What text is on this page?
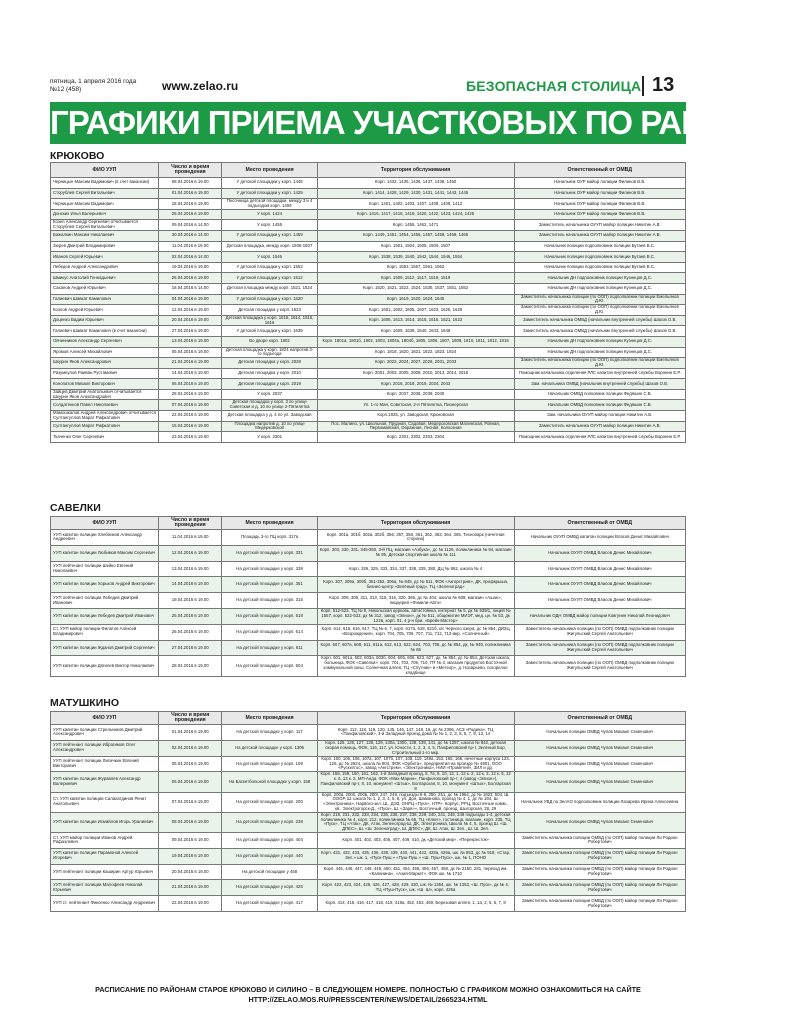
пятница, 1 апреля 2016 года
№12 (458)	www.zelao.ru	БЕЗОПАСНАЯ СТОЛИЦА 13
ГРАФИКИ ПРИЕМА УЧАСТКОВЫХ ПО РАЙОНАМ
КРЮКОВО
ФИО УУП	Число и время проведения	Место проведения	Территория обслуживания	Ответственный от ОМВД
Черницын Максим Вадимович (в счет вакансии)	08.04.2016 в 19.00	У детской площадки у корп. 1448	Корп. 1432, 1435, 1436, 1437, 1438, 1450	Начальник ОУР майор полиции Филинов В.В.
Сторублев Сергей Витальевич	01.04.2016 в 19.00	У детской площадки у корп. 1429	Корп. 1414, 1428, 1429, 1430, 1431, 1441, 1443, 1445	Начальник ОУР майор полиции Филинов В.В.
Черницын Максим Вадимович	18.04.2016 в 19.00	Песочница детской площадки, между 3 и 4 подъездом корп. 1409	Корп. 1401, 1402, 1403, 1407, 1408, 1409, 1412	Начальник ОУР майор полиции Филинов В.В.
Донских Илья Валерьевич	25.04.2016 в 19.00	У корп. 1424	Корп. 1416, 1417, 1418, 1419, 1420, 1422, 1423, 1424, 1425	Начальник ОУР майор полиции Филинов В.В.
Козел Александр Сергеевич отчитывается Сторублев Сергей Витальевич	09.04.2016 в 14.00	У корп. 1455	Корп. 1455, 1462, 1471	Заместитель начальника ОУУП майор полиции Никитин А.В.
Бажалкин Максим Николаевич	30.04.2016 в 14.00	У детской площадки у корп. 1459	Корп. 1449, 1451, 1454, 1456, 1457, 1458, 1459, 1466	Заместитель начальника ОУУП майор полиции Никитин А.В.
Зюрев Дмитрий Владимирович	11.04.2016 в 19.00	Детская площадка, между корп. 1506-1507	Корп. 1501, 1504, 1505, 1506, 1507	Начальник полиции подполковник полиции Бутаев В.С.
Иванов Сергей Юрьевич	02.04.2016 в 14.00	У корп. 1546	Корп. 1538, 1539, 1540, 1542, 1544, 1546, 1554	Начальник полиции подполковник полиции Бутаев В.С.
Лебедев Андрей Александрович	19.04.2016 в 19.00	У детской площадки у корп. 1553	Корп. 1553, 1557, 1561, 1562	Начальник полиции подполковник полиции Бутаев В.С.
Шмикус Анатолий Геннадьевич	26.04.2016 в 19.00	У детской площадки у корп. 1512	Корп. 1509, 1512, 1517, 1518, 1519	Начальник ДН подполковник полиции Кузнецов Д.С.
Саханов Андрей Юрьевич	16.04.2016 в 14.00	Детская площадка между корп. 1521, 1524	Корп. 1520, 1521, 1522, 1524, 1535, 1537, 1551, 1552	Начальник ДН подполковник полиции Кузнецов Д.С.
Галиевич Шавкат Камилович	04.04.2016 в 19.00	У детской площадки у корп. 1620	Корп. 1619, 1620, 1624, 1645	Заместитель начальника полиции (по ООП) подполковник полиции Емельянов Д.Ю.
Козлов Андрей Юрьевич	12.04.2016 в 19.00	Детская площадка у корп. 1623	Корп. 1601, 1602, 1605, 1607, 1623, 1625, 1626	Заместитель начальника полиции (по ООП) подполковник полиции Емельянов Д.Ю.
Доценко Вадим Юрьевич	20.04.2016 в 19.00	Детская площадка у корп. 1615, 1614, 1615, 1616	Корп. 1606, 1613, 1614, 1615, 1616, 1621, 1622	Заместитель начальника ОМВД (начальник внутренней службы) Шахов О.В.
Галиевич Шавкат Камилович (в счет вакансии)	27.04.2016 в 19.00	У детской площадки у корп. 1639	Корп. 1605, 1639, 1640, 1643, 1649	Заместитель начальника ОМВД (начальник внутренней службы) Шахов О.В.
Овчинников Александр Сергеевич	13.04.2016 в 19.00	Во дворе корп. 1802	Корп. 1801а, 1801б, 1802, 1803, 1804а, 1804б, 1805, 1806, 1807, 1809, 1810, 1811, 1812, 1815	Начальник ДН подполковник полиции Кузнецов Д.С.
Яромов Алексей Михайлович	05.04.2016 в 19.00	Детская площадка у корп. 1824 напротив 3-го подъезда	Корп. 1818, 1820, 1821, 1822, 1823, 1824	Начальник ДН подполковник полиции Кузнецов Д.С.
Шкурин Яков Александрович	21.04.2016 в 19.00	Детская площадка у корп. 2028	Корп. 2022, 2024, 2027, 2028, 2031, 2033	Заместитель начальника полиции (по ООП) подполковник полиции Емельянов Д.Ю.
Разумеулов Раиван Рустамович	14.04.2016 в 19.00	Детская площадка у корп. 2010	Корп. 2001, 2003, 2005, 2008, 2010, 2013, 2014, 2015	Помощник начальника отделения РЛС капитан внутренней службы Воронин Е.Р.
Конопатов Михаил Викторович	06.04.2016 в 19.00	Детская площадка у корп. 2019	Корп. 2016, 2018, 2019, 2034, 2043	Зам. начальника ОМВД (начальник внутренней службы) Шахов О.В.
Зайцев Дмитрий Анатольевич отчитывается Шкурин Яков Александрович	28.04.2016 в 19.00	У корп. 2037	Корп. 2037, 2038, 2039, 2040	Начальник ОМВД полковник полиции Федяшин С.В.
Солдатенков Павел Николаевич	07.04.2016 в 19.00	Детская площадка у корп. 3 по улице Советская и д. 10 по улице 2-Пятилетка	Ул. 1-го Мая, Советская, 2-я Пятилетка, Пионерская	Начальник ОМВД полковник полиции Федяшин С.В.
Мамошкалов Андрей Александрович отчитывается Султангуллов Марат Рифкатович	22.04.2016 в 19.00	Детская площадка у д. 4 по ул. Заводская	Корп.1925, ул. Заводская, Крюковская	Зам. начальника ОУУП майор полиции Никитин А.В.
Султангуллов Марат Рифкатович	15.04.2016 в 19.00	Площадка напротив д. 10 по улице Медерковской	Пос. Малино, ул. Школьная, Прудная, Садовая, Медерсковская Малинская, Ровная, Первомайская, Овражная, Лесная, Колхозная	Заместитель начальника ОУУП майор полиции Никитин А.В.
Ткаченко Олег Сергеевич	23.04.2016 в 19.00	У корп. 2301	Корп. 2301, 2302, 2303, 2304	Помощник начальника отделения РЛС капитан внутренней службы Воронин Е.Р.
САВЕЛКИ
ФИО УУП	Число и время проведения	Место проведения	Территория обслуживания	Ответственный от ОМВД
УУП капитан полиции Хлебников Александр Андреевич	11.04.2016 в 19.00	Площадь 3-го ПЦ корп. 317а	Корп. 301а, 301б, 302а, 302б, 356, 357, 358, 361, 362, 363, 364, 365, Технопарк (нечетная сторона)	Начальник ОУУП ОМВД капитан полиции Власов Денис Михайлович
УУП капитан полиции Любимов Максим Сергеевич	12.04.2016 в 19.00	На детской площадке у корп. 331	Корп. 303, 330, 331, 345-350, 3-й ПЦ, магазин «Азбука», дс № 1126, поликлиника № 94, магазин № 95, Детская спортивная школа № 111	Начальник ОУУП ОМВД Власов Денис Михайлович
УУП лейтенант полиции Шейко Евгений Николаевич	13.04.2016 в 19.00	На детской площадке у корп. 338	Корп. 326, 329, 333, 334, 337, 338, 339, 380, ДЦ № 862, школа № 4	Начальник ОУУП ОМВД Власов Денис Михайлович
УУП капитан полиции Хорьков Андрей Викторович	14.04.2016 в 19.00	На детской площадке у корп. 351	Корп. 307, 309а, 309б, 351-352, 306а, № 845, дс № 511, ФОК «Акгорстрим», ДК, профкрыша, бизнес-центр «Зелёный град», ТЦ «Зеленоград»	Начальник ОУУП ОМВД Власов Денис Михайлович
УУП лейтенант полиции Лебедев Дмитрий Иванович	19.04.2016 в 19.00	На детской площадке у корп. 315	Корп. 308, 309, 311, 313, 315, 316, 320, 366, дс № 404, школа № 609, магазин «Ашан», пиццерия «Фэмили-Авто»	Начальник ОУУП ОМВД Власов Денис Михайлович
УУП капитан полиции Лебедев Дмитрий Иванович	25.04.2016 в 19.00	На детской площадке у корп. 518	Корп. 512-523, ТЦ № 9, Никольская церковь, автостоянка, интернат № 5, дк № 939/1, лицей № 1557, корп. 522-533, дк № 312, завод «Элион», дк № 511, общежитие МИЭТ, мед. цн. № 53, дк 1226, корп. 01, 4 р-н бри. «Брейк-Мастер»	Начальник ОДН ОМВД майор полиции Ковгунин Николай Леонидович
Ст. УУП майор полиции Филатов Алексей Владимирович	26.04.2016 в 19.00	На детской площадке у корп. 614	Корп. 614, 615, 616, 617, ТЦ № 6, 7, корп. 617а, 618, 621б, к/с Черного озера, дс № 854, ДИЗЦ «Возрождения», корп. 704, 705, 706, 707, 711, 712, 713 мкр. «Солнечный»	Заместитель начальника полиции (по ООП) ОМВД подполковник полиции Жигульский Сергей Анатольевич
УУП капитан полиции Жданов Дмитрий Сергеевич	27.04.2016 в 19.00	На детской площадке у корп. 611	Корп. 607, 607а, 608, 611, 611а, 612, 613, 622, 624, 703, 708, дс № 854, дк, № 949, поликлиника № 65	Заместитель начальника полиции (по ООП) ОМВД подполковник полиции Жигульский Сергей Анатольевич
УУП капитан полиции Дягилев Виктор Николаевич	28.04.2016 в 19.00	На детской площадке у корп. 604	Корп. 601, 601а, 602, 603а, 603б, 604, 605, 606, 623, 627, дк, № 854, дс № 854, Детская школа, больница, ФОК «Савелки», корп. 701, 702, 709, 710, ПТ № 3, магазин продуктов Восточной коммунальной зоны, Солнечная аллея, ТЦ «Спутник» и «Метеор», д. Назарьево, погорелое кладбище	Заместитель начальника полиции (по ООП) ОМВД подполковник полиции Жигульский Сергей Анатольевич
МАТУШКИНО
ФИО УУП	Число и время проведения	Место проведения	Территория обслуживания	Ответственный от ОМВД
УУП капитан полиции Стрельников Дмитрий Александрович	01.04.2016 в 19.00	На детской площадке у корп. 117	Корп. 112, 118, 119, 120, 145, 146, 147, 148, 16, дс № 2396, АСЗ «Родина», ТЦ «Панфиловский», 3-й Западный проезд дома № № 1, 2, 3, 5, 6, 7, 8, 13, 14	Начальник полиции ОМВД Чупов Михаил Семенович
УУП лейтенант полиции Ибрагимов Олег Александрович	02.04.2016 в 19.00	На детской площадке у корп. 1306	Корп. 125, 126, 127, 128, 129, 130а, 130б, 138, 139, 141, дс № 1257, школа № 842, детская скорая помощь, ФОК, 116, 117, ул. Юности, 1, 2, 3, 4, 5, Панфиловский пр-т, Зеленый Бор, Строительный 1-го мкр.	Начальник полиции ОМВД Чупов Михаил Семенович
УУП лейтенант полиции Лисичкин Евгений Викторович	05.04.2016 в 19.00	На детской площадке у корп. 108	Корп. 100, 105, 106, 107а, 107, 107б, 107, 108, 119, 149а, 153, 165, 166, нечетные корпуса 123, 126, дс № 2924, школа № 804, ФОК «Орбита», предприятия на проезде № 4801, ООО «Рускелгос», завод «Ангстрем», «Электроника», НИИ «Прометей», ЗИЛ и др.	Начальник полиции ОМВД Чупов Михаил Семенович
УУП капитан полиции Журавлев Александр Валериевич	06.04.2016 в 19.00	На Баскетбольной площадке у корп. 158	Корп. 158, 159, 160, 161, 162, 1-й Западный проезд, 5, 7а, 9, 10, 12, 1, 12 к. 2, 12 к. 3, 12 к. 5, 12 к. 6, 13 к. 2, МП-Анда, ФОК «Мах-Марин», Панфиловский пр-т, 4 (завод «Элион»), Панфиловский пр-т, 8, 10, монумент «Штык», Болгарская, 8, 10, монумент «Штык», Болгарская 8	Начальник полиции ОМВД Чупов Михаил Семенович
Ст. УУП капитан полиции Салахатдинов Ренат Анатольевич	07.04.2016 в 19.00	На детской площадке у корп. 200	Корп. 200а, 200б, 200в, 200г, 247, 249, подъезды 6-8, 250, 251, дс № 1964, дс № 1923, 504, Ш. ОООР, Ш. школа № 1, 2, 3, 4, 5, 6, ул. Дон, Шаманова, проезд № 4, 1, дс № 194, Ш. «Электроника», Нарвско-зел. Ш., ДЭЗ, ОНРЦ «Пуск», НТР», Корпус, РРЦ, Восточные комм., кв., Электрогорск-Д., «Пуск», Ш. «Заря»», Восточный, проезд. Шыгорская, 28, 29	Начальник УВД по ЗелАО подполковник полиции Лазарева Ирина Алексеевна
УУП капитан полиции Исмайлов Игорь Уралиевич	08.04.2016 в 19.00	На детской площадке у корп. 238	Корп. 219, 231, 232, 233, 234, 235, 236, 237, 238, 239, 240, 241, 248, 249 подъезды 1-4, детская поликлиника № 4, корп. 212, поликлиника № 65, ТЦ «Ключ», гостиница, магазин, корп. 235, ТЦ «Пуск», ТЦ «Атак», ДК, Атак, Зеленоград-Ш, ДК, Электроника, Школа № 4, 5, проезд Ш. «Ш. ДПЕС», Ш. «Ш. Зеленоград», Ш. ДПЕС», ДК, Ш. Атак, Ш. Зел., Ш. Ш. Зел.	Начальник полиции ОМВД Чупов Михаил Семенович
Ст. УУП майор полиции Иванов Андрей Рафаэлевич	09.04.2016 в 19.00	На детской площадке у корп. 404	Корп. 401, 402, 403, 406, 407, 409, 410, дк «Детский мир», «Перекресток»	Заместитель начальника полиции ОМВД (по ООП) майор полиции Ли Родион Робертович
УУП капитан полиции Парамонов Алексей Игоревич	19.04.2016 в 19.00	На детской площадке у корп. 440	Корп. 431, 432, 433, 435, 436, 438, 439, 440, 441, 442, 428а, 429а, шк. № 853, дс № 918, «Стар. Зел.» шк. 1, «Пуск-Пуш.» «Пуш-Пуш.» «Ш. Пуш-Пуск», шк. № 1, ПОНО	Заместитель начальника полиции ОМВД (по ООП) майор полиции Ли Родион Робертович
УУП лейтенант полиции Каширин Артур Юрьевич	20.04.2016 в 19.00	На детской площадке у 458	Корп. 445, 446, 447, 448, 449, 450, 451, 454, 455, 456, 457, 458, дс № 2150, 281, переход им. «Калинина», «Азия-Маркет», ФОК шк. № 1710	Заместитель начальника полиции ОМВД (по ООП) майор полиции Ли Родион Робертович
УУП лейтенант полиции Малофеев Николай Юрьевич	21.04.2016 в 19.00	На детской площадке у корп. 425	Корп. 422, 423, 424, 425, 426, 427, 428, 429, 430, шк. № 1354, шк. № 1353, «Ш. Пуск», дк № 4, ТЦ «Пуш-Пуск», шк. «Ш. Ш», корп. 426а	Заместитель начальника полиции ОМВД (по ООП) майор полиции Ли Родион Робертович
УУП ст. лейтенант Фиксенко Александр Андреевич	22.04.2016 в 19.00	На детской площадке у корп. 417	Корп. 414, 415, 416, 417, 418, 419, 419а, 452, 453, 469, Березовая аллея, 1, 1а, 2, 5, 6, 7, 8	Заместитель начальника полиции ОМВД (по ООП) майор полиции Ли Родион Робертович
РАСПИСАНИЕ ПО РАЙОНАМ СТАРОЕ КРЮКОВО И СИЛИНО – В СЛЕДУЮЩЕМ НОМЕРЕ. ПОЛНОСТЬЮ С ГРАФИКОМ МОЖНО ОЗНАКОМИТЬСЯ НА САЙТЕ
HTTP://ZELAO.MOS.RU/PRESSCENTER/NEWS/DETAIL/2665234.HTML
